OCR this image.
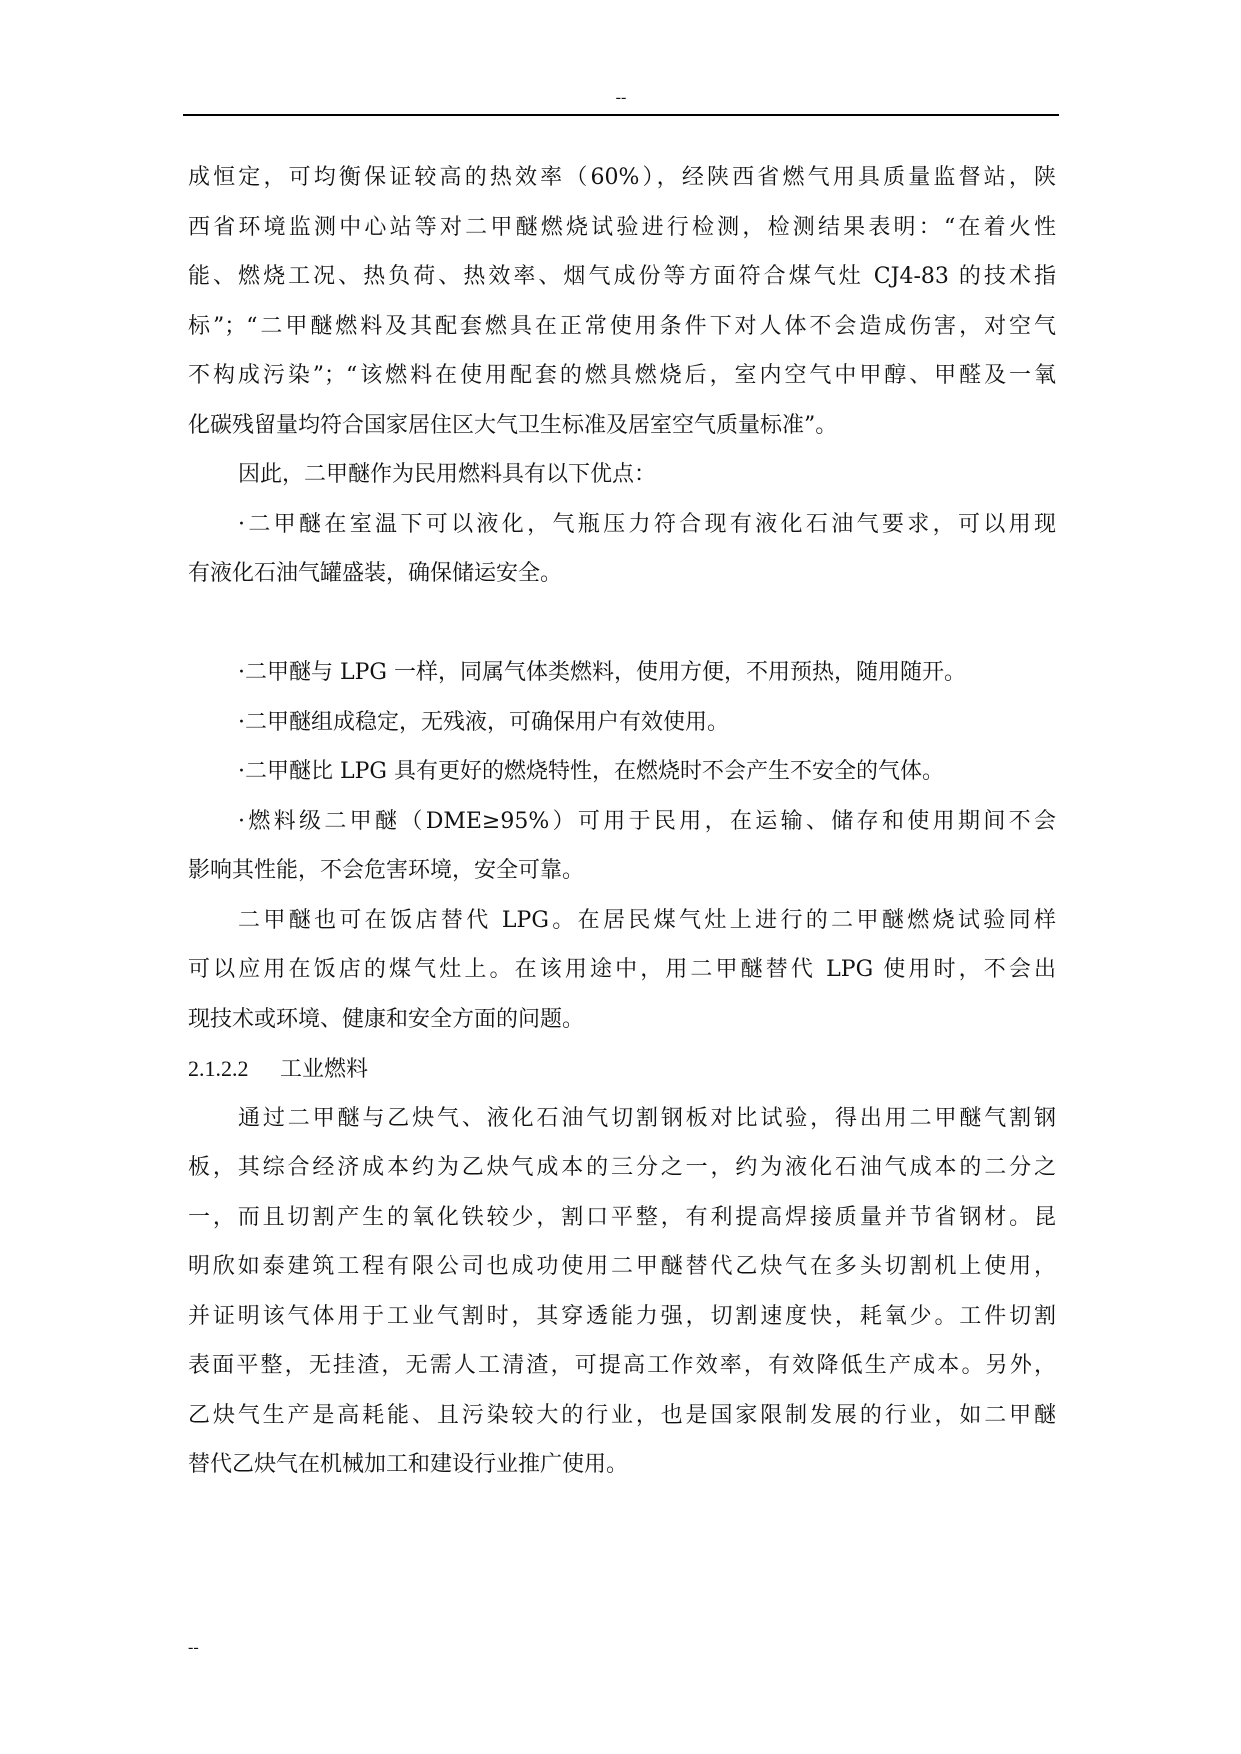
--
成恒定，可均衡保证较高的热效率（60%），经陕西省燃气用具质量监督站，陕
西省环境监测中心站等对二甲醚燃烧试验进行检测，检测结果表明：“在着火性
能、燃烧工况、热负荷、热效率、烟气成份等方面符合煤气灶 CJ4-83 的技术指
标”；“二甲醚燃料及其配套燃具在正常使用条件下对人体不会造成伤害，对空气
不构成污染”；“该燃料在使用配套的燃具燃烧后，室内空气中甲醇、甲醛及一氧
化碳残留量均符合国家居住区大气卫生标准及居室空气质量标准”。
因此，二甲醚作为民用燃料具有以下优点：
·二甲醚在室温下可以液化，气瓶压力符合现有液化石油气要求，可以用现
有液化石油气罐盛装，确保储运安全。
·二甲醚与 LPG 一样，同属气体类燃料，使用方便，不用预热，随用随开。
·二甲醚组成稳定，无残液，可确保用户有效使用。
·二甲醚比 LPG 具有更好的燃烧特性，在燃烧时不会产生不安全的气体。
·燃料级二甲醚（DME≥95%）可用于民用，在运输、储存和使用期间不会
影响其性能，不会危害环境，安全可靠。
二甲醚也可在饭店替代 LPG。在居民煤气灶上进行的二甲醚燃烧试验同样
可以应用在饭店的煤气灶上。在该用途中，用二甲醚替代 LPG 使用时，不会出
现技术或环境、健康和安全方面的问题。
2.1.2.2 工业燃料
通过二甲醚与乙炔气、液化石油气切割钢板对比试验，得出用二甲醚气割钢
板，其综合经济成本约为乙炔气成本的三分之一，约为液化石油气成本的二分之
一，而且切割产生的氧化铁较少，割口平整，有利提高焊接质量并节省钢材。昆
明欣如泰建筑工程有限公司也成功使用二甲醚替代乙炔气在多头切割机上使用，
并证明该气体用于工业气割时，其穿透能力强，切割速度快，耗氧少。工件切割
表面平整，无挂渣，无需人工清渣，可提高工作效率，有效降低生产成本。另外，
乙炔气生产是高耗能、且污染较大的行业，也是国家限制发展的行业，如二甲醚
替代乙炔气在机械加工和建设行业推广使用。
--
